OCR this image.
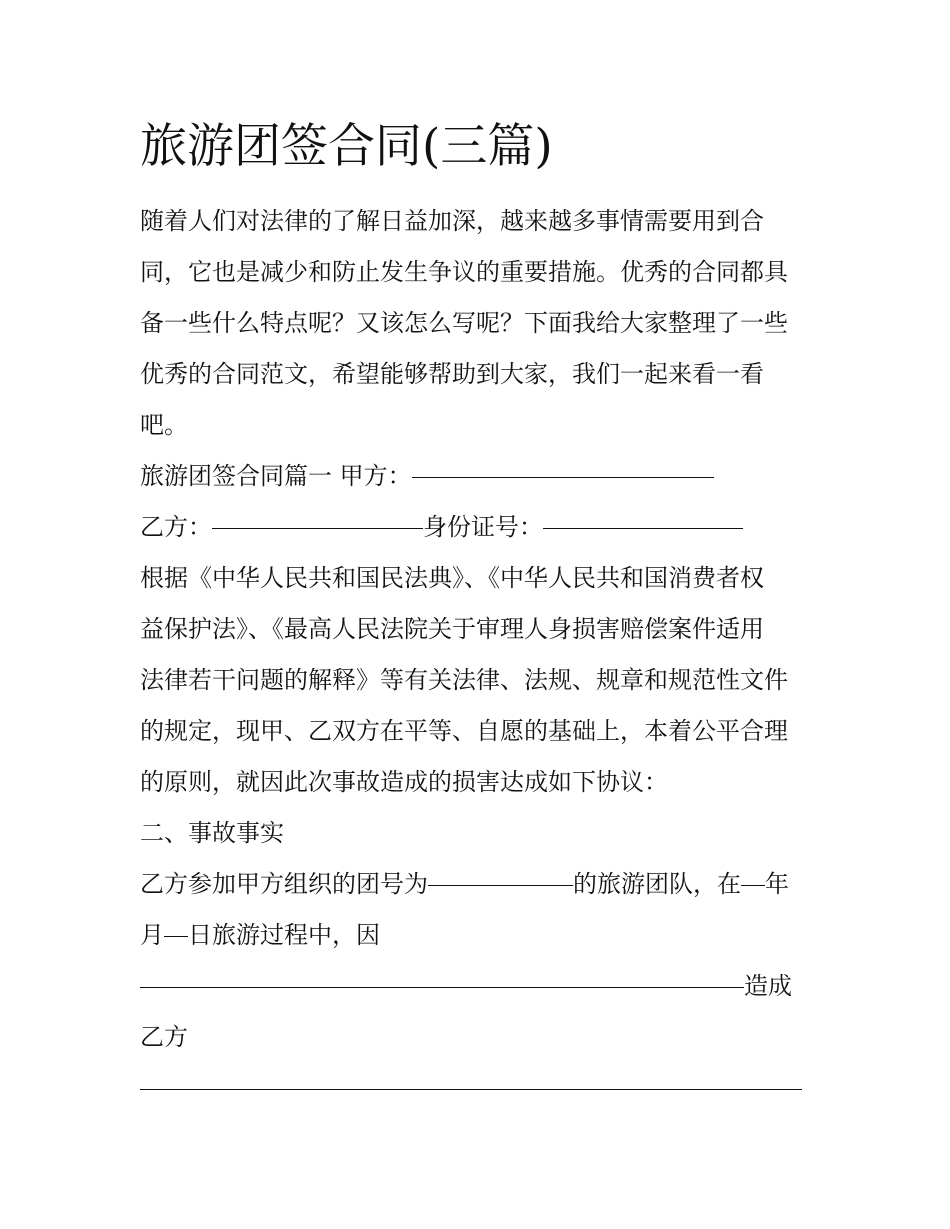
旅游团签合同(三篇)
随着人们对法律的了解日益加深，越来越多事情需要用到合
同，它也是减少和防止发生争议的重要措施。优秀的合同都具
备一些什么特点呢？又该怎么写呢？下面我给大家整理了一些
优秀的合同范文，希望能够帮助到大家，我们一起来看一看
吧。
旅游团签合同篇一 甲方：
乙方：	身份证号：
根据《中华人民共和国民法典》、《中华人民共和国消费者权
益保护法》、《最高人民法院关于审理人身损害赔偿案件适用
法律若干问题的解释》等有关法律、法规、规章和规范性文件
的规定，现甲、乙双方在平等、自愿的基础上，本着公平合理
的原则，就因此次事故造成的损害达成如下协议：
二、事故事实
乙方参加甲方组织的团号为	的旅游团队，在 年
月 日旅游过程中，因
造成
乙方
